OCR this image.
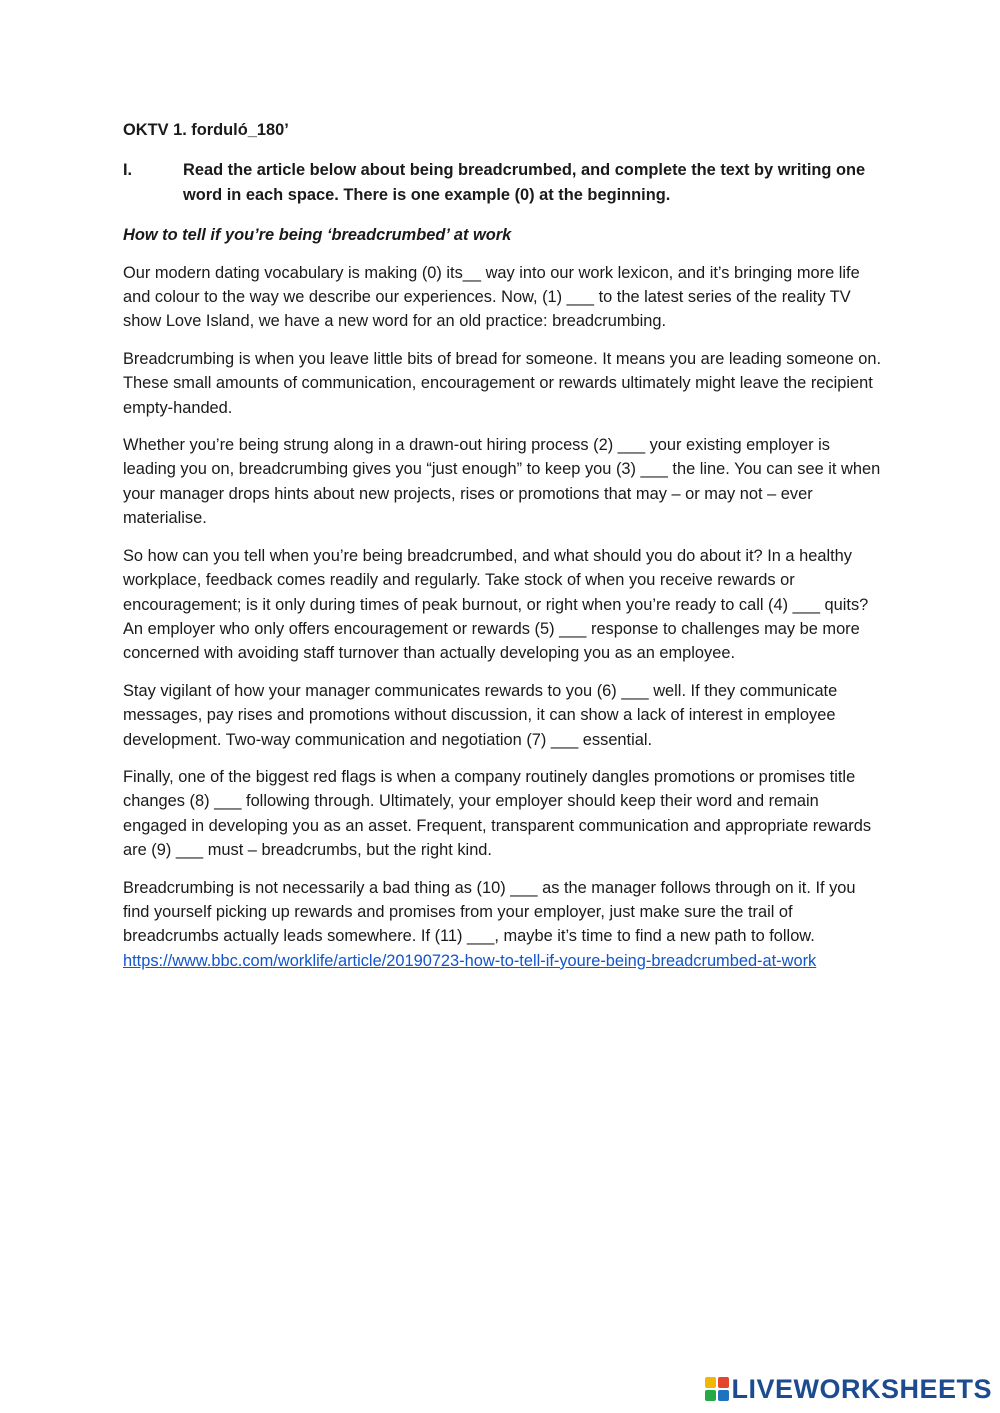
OKTV 1. forduló_180’
I.	Read the article below about being breadcrumbed, and complete the text by writing one word in each space. There is one example (0) at the beginning.
How to tell if you’re being ‘breadcrumbed’ at work

Our modern dating vocabulary is making (0) its__ way into our work lexicon, and it’s bringing more life and colour to the way we describe our experiences. Now, (1) ___ to the latest series of the reality TV show Love Island, we have a new word for an old practice: breadcrumbing.

Breadcrumbing is when you leave little bits of bread for someone. It means you are leading someone on. These small amounts of communication, encouragement or rewards ultimately might leave the recipient empty-handed.

Whether you’re being strung along in a drawn-out hiring process (2) ___ your existing employer is leading you on, breadcrumbing gives you “just enough” to keep you (3) ___ the line. You can see it when your manager drops hints about new projects, rises or promotions that may – or may not – ever materialise.

So how can you tell when you’re being breadcrumbed, and what should you do about it? In a healthy workplace, feedback comes readily and regularly. Take stock of when you receive rewards or encouragement; is it only during times of peak burnout, or right when you’re ready to call (4) ___ quits? An employer who only offers encouragement or rewards (5) ___ response to challenges may be more concerned with avoiding staff turnover than actually developing you as an employee.

Stay vigilant of how your manager communicates rewards to you (6) ___ well. If they communicate messages, pay rises and promotions without discussion, it can show a lack of interest in employee development. Two-way communication and negotiation (7) ___ essential.

Finally, one of the biggest red flags is when a company routinely dangles promotions or promises title changes (8) ___ following through. Ultimately, your employer should keep their word and remain engaged in developing you as an asset. Frequent, transparent communication and appropriate rewards are (9) ___ must – breadcrumbs, but the right kind.

Breadcrumbing is not necessarily a bad thing as (10) ___ as the manager follows through on it. If you find yourself picking up rewards and promises from your employer, just make sure the trail of breadcrumbs actually leads somewhere. If (11) ___, maybe it’s time to find a new path to follow.
https://www.bbc.com/worklife/article/20190723-how-to-tell-if-youre-being-breadcrumbed-at-work

LIVEWORKSHEETS
